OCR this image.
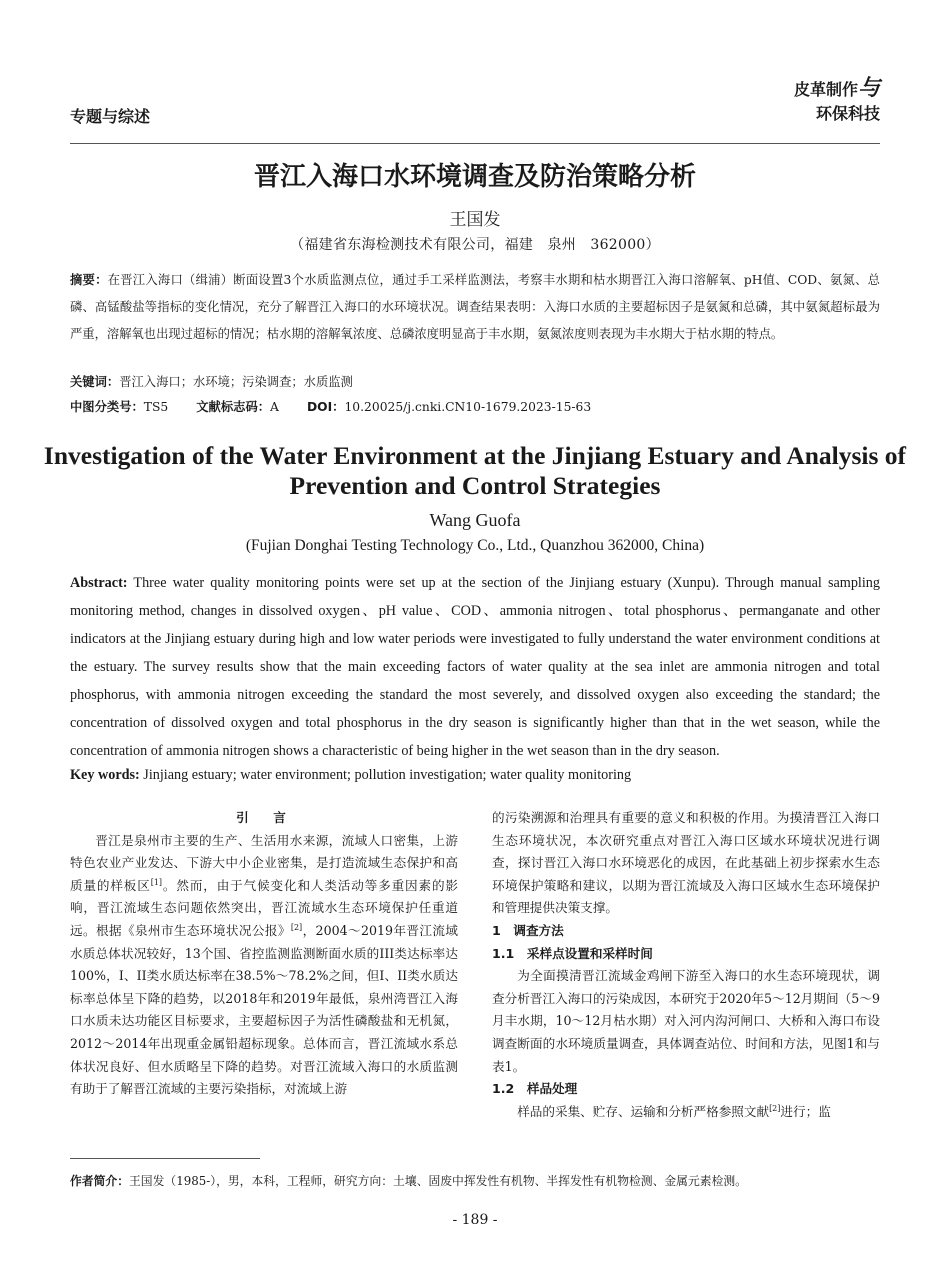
专题与综述
皮革制作与
环保科技
晋江入海口水环境调查及防治策略分析
王国发
（福建省东海检测技术有限公司，福建　泉州　362000）
摘要：在晋江入海口（缉浦）断面设置3个水质监测点位，通过手工采样监测法，考察丰水期和枯水期晋江入海口溶解氧、pH值、COD、氨氮、总磷、高锰酸盐等指标的变化情况，充分了解晋江入海口的水环境状况。调查结果表明：入海口水质的主要超标因子是氨氮和总磷，其中氨氮超标最为严重，溶解氧也出现过超标的情况；枯水期的溶解氧浓度、总磷浓度明显高于丰水期，氨氮浓度则表现为丰水期大于枯水期的特点。
关键词：晋江入海口；水环境；污染调查；水质监测
中图分类号：TS5 文献标志码：A DOI：10.20025/j.cnki.CN10-1679.2023-15-63
Investigation of the Water Environment at the Jinjiang Estuary and Analysis of Prevention and Control Strategies
Wang Guofa
(Fujian Donghai Testing Technology Co., Ltd., Quanzhou 362000, China)
Abstract: Three water quality monitoring points were set up at the section of the Jinjiang estuary (Xunpu). Through manual sampling monitoring method, changes in dissolved oxygen、pH value、COD、ammonia nitrogen、total phosphorus、permanganate and other indicators at the Jinjiang estuary during high and low water periods were investigated to fully understand the water environment conditions at the estuary. The survey results show that the main exceeding factors of water quality at the sea inlet are ammonia nitrogen and total phosphorus, with ammonia nitrogen exceeding the standard the most severely, and dissolved oxygen also exceeding the standard; the concentration of dissolved oxygen and total phosphorus in the dry season is significantly higher than that in the wet season, while the concentration of ammonia nitrogen shows a characteristic of being higher in the wet season than in the dry season.
Key words: Jinjiang estuary; water environment; pollution investigation; water quality monitoring

引　言

晋江是泉州市主要的生产、生活用水来源，流域人口密集，上游特色农业产业发达、下游大中小企业密集，是打造流域生态保护和高质量的样板区[1]。然而，由于气候变化和人类活动等多重因素的影响，晋江流域生态问题依然突出，晋江流域水生态环境保护任重道远。根据《泉州市生态环境状况公报》[2]，2004～2019年晋江流域水质总体状况较好，13个国、省控监测监测断面水质的III类达标率达100%，I、II类水质达标率在38.5%～78.2%之间，但I、II类水质达标率总体呈下降的趋势，以2018年和2019年最低，泉州湾晋江入海口水质未达功能区目标要求，主要超标因子为活性磷酸盐和无机氮，2012～2014年出现重金属铅超标现象。总体而言，晋江流域水系总体状况良好、但水质略呈下降的趋势。对晋江流域入海口的水质监测有助于了解晋江流域的主要污染指标，对流域上游

的污染溯源和治理具有重要的意义和积极的作用。为摸清晋江入海口生态环境状况，本次研究重点对晋江入海口区域水环境状况进行调查，探讨晋江入海口水环境恶化的成因，在此基础上初步探索水生态环境保护策略和建议，以期为晋江流域及入海口区域水生态环境保护和管理提供决策支撑。

1　调查方法

1.1　采样点设置和采样时间

为全面摸清晋江流域金鸡闸下游至入海口的水生态环境现状，调查分析晋江入海口的污染成因，本研究于2020年5～12月期间（5～9月丰水期，10～12月枯水期）对入河内沟河闸口、大桥和入海口布设调查断面的水环境质量调查，具体调查站位、时间和方法，见图1和与表1。

1.2　样品处理

样品的采集、贮存、运输和分析严格参照文献[2]进行；监

作者简介：王国发（1985-），男，本科，工程师，研究方向：土壤、固废中挥发性有机物、半挥发性有机物检测、金属元素检测。
- 189 -
